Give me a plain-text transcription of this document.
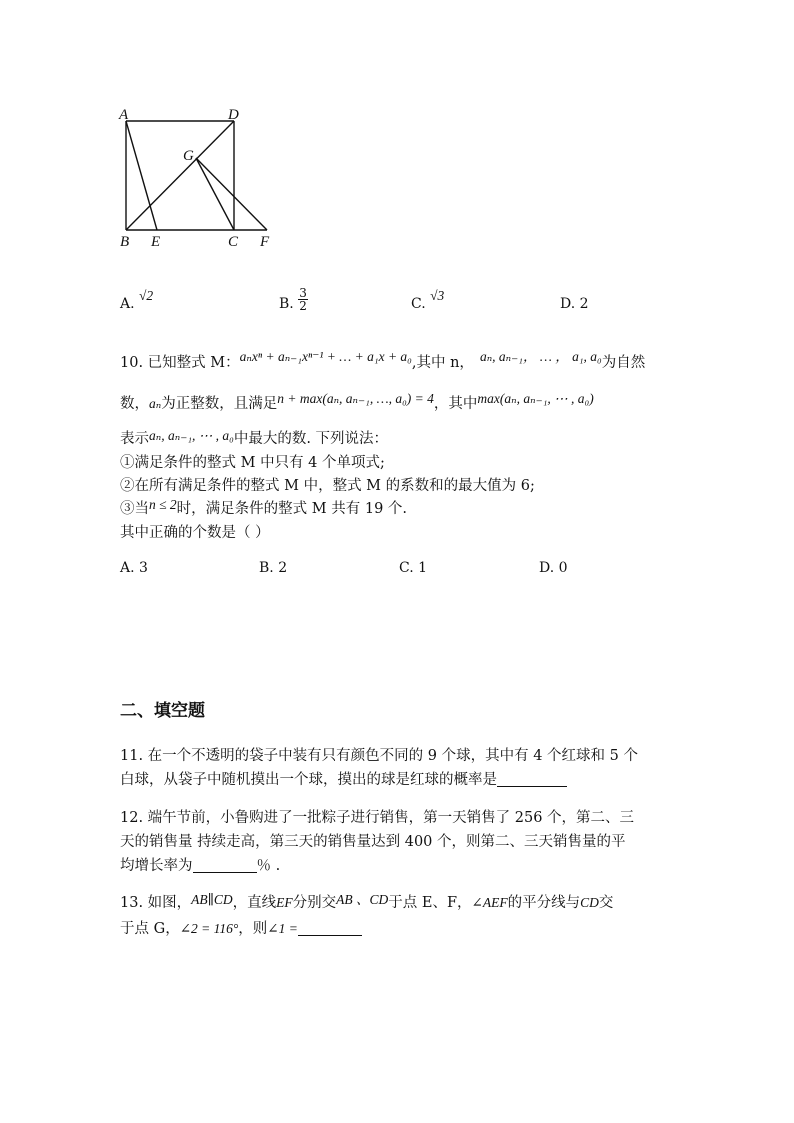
A	D
G
B E	C F
A. √2
B. $\frac{3}{2}$	C. √3
D. 2
10. 已知整式 M：aₙxⁿ + aₙ₋₁xⁿ⁻¹ + … + a₁x + a₀,其中 n， aₙ, aₙ₋₁， … ， a₁, a₀为自然
数，aₙ为正整数，且满足n + max(aₙ, aₙ₋₁, …, a₀) = 4，其中max(aₙ, aₙ₋₁, ⋯ , a₀)
表示aₙ, aₙ₋₁, ⋯ , a₀中最大的数. 下列说法：
①满足条件的整式 M 中只有 4 个单项式;
②在所有满足条件的整式 M 中，整式 M 的系数和的最大值为 6;
③当n ≤ 2时，满足条件的整式 M 共有 19 个.
其中正确的个数是（ ）
A. 3	B. 2	C. 1	D. 0
二、填空题
11. 在一个不透明的袋子中装有只有颜色不同的 9 个球，其中有 4 个红球和 5 个
白球，从袋子中随机摸出一个球，摸出的球是红球的概率是
12. 端午节前，小鲁购进了一批粽子进行销售，第一天销售了 256 个，第二、三
天的销售量 持续走高，第三天的销售量达到 400 个，则第二、三天销售量的平
均增长率为	％ .
13. 如图，AB∥CD，直线EF分别交AB 、CD于点 E、F，∠AEF的平分线与CD交
于点 G，∠2 = 116°，则∠1 =
